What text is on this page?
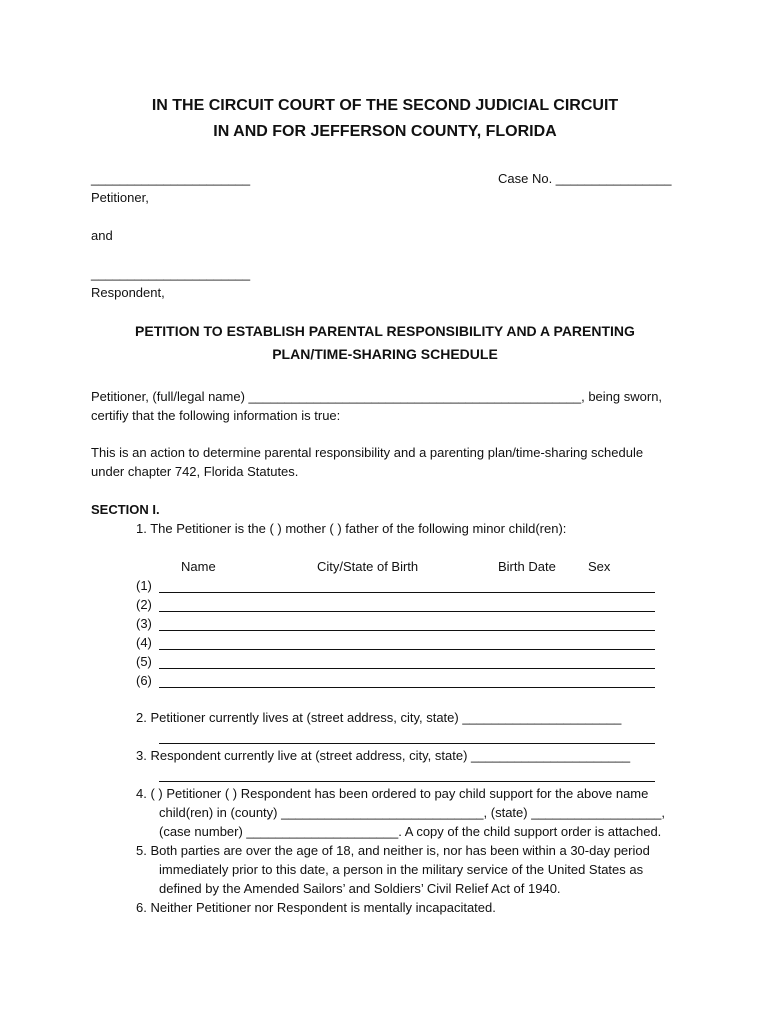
IN THE CIRCUIT COURT OF THE SECOND JUDICIAL CIRCUIT
IN AND FOR JEFFERSON COUNTY, FLORIDA
______________________	Case No. ________________
Petitioner,
and
______________________
Respondent,
PETITION TO ESTABLISH PARENTAL RESPONSIBILITY AND A PARENTING
PLAN/TIME-SHARING SCHEDULE
Petitioner, (full/legal name) ______________________________________________, being sworn,
certifiy that the following information is true:
This is an action to determine parental responsibility and a parenting plan/time-sharing schedule
under chapter 742, Florida Statutes.
SECTION I.
1. The Petitioner is the ( ) mother ( ) father of the following minor child(ren):
Name	City/State of Birth	Birth Date Sex
(1)
(2)
(3)
(4)
(5)
(6)
2. Petitioner currently lives at (street address, city, state) ______________________
3. Respondent currently live at (street address, city, state) ______________________
4. ( ) Petitioner ( ) Respondent has been ordered to pay child support for the above name
child(ren) in (county) ____________________________, (state) __________________,
(case number) _____________________. A copy of the child support order is attached.
5. Both parties are over the age of 18, and neither is, nor has been within a 30-day period
immediately prior to this date, a person in the military service of the United States as
defined by the Amended Sailors’ and Soldiers’ Civil Relief Act of 1940.
6. Neither Petitioner nor Respondent is mentally incapacitated.
